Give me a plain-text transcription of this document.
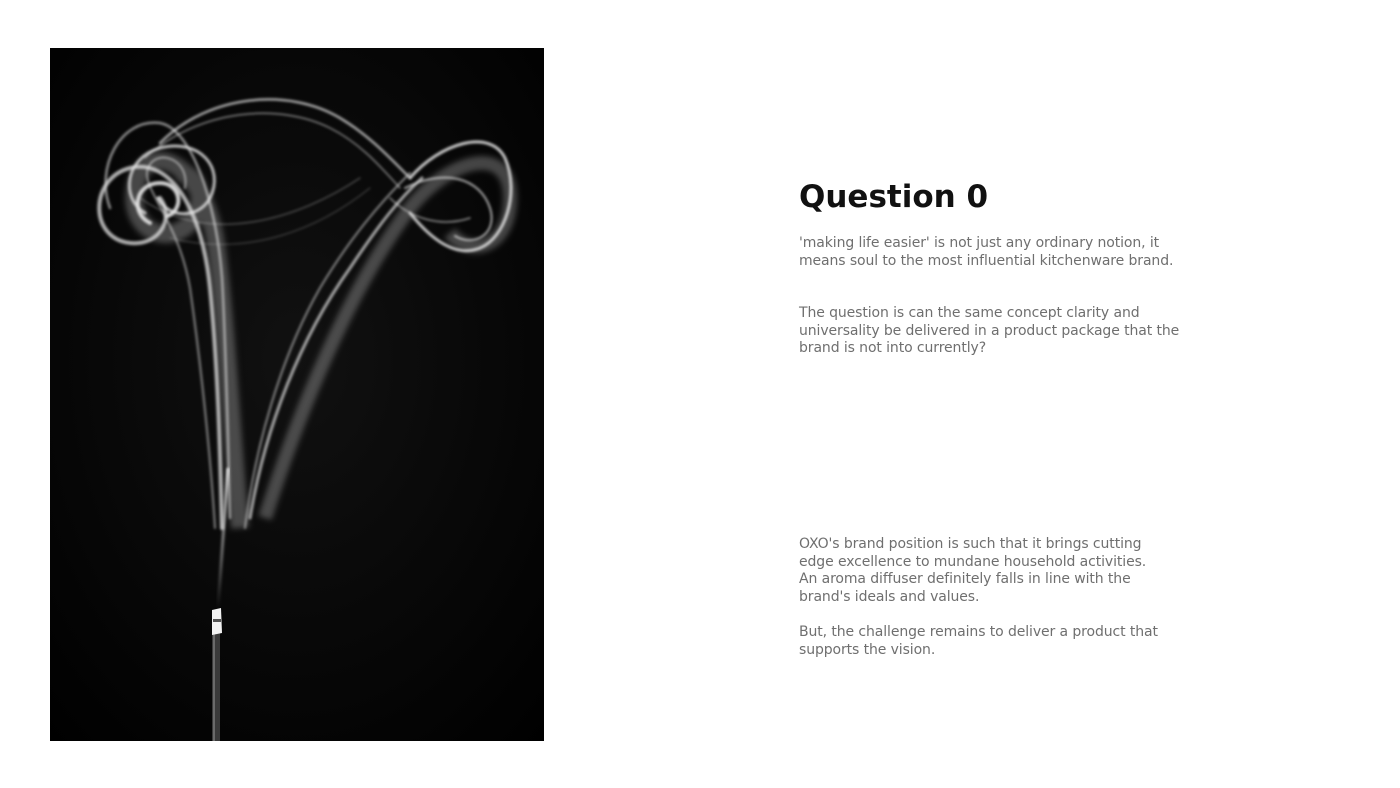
Question 0

'making life easier' is not just any ordinary notion, it
means soul to the most influential kitchenware brand.

The question is can the same concept clarity and
universality be delivered in a product package that the
brand is not into currently?

OXO's brand position is such that it brings cutting
edge excellence to mundane household activities.
An aroma diffuser definitely falls in line with the
brand's ideals and values.

But, the challenge remains to deliver a product that
supports the vision.
